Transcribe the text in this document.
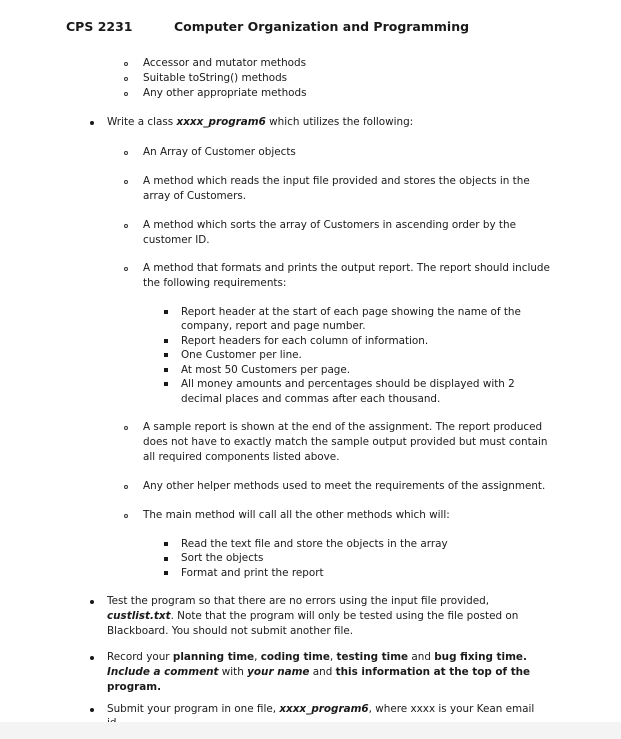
CPS 2231	Computer Organization and Programming
Accessor and mutator methods
Suitable toString() methods
Any other appropriate methods
Write a class xxxx_program6 which utilizes the following:
An Array of Customer objects
A method which reads the input file provided and stores the objects in the
array of Customers.
A method which sorts the array of Customers in ascending order by the
customer ID.
A method that formats and prints the output report. The report should include
the following requirements:
Report header at the start of each page showing the name of the
company, report and page number.
Report headers for each column of information.
One Customer per line.
At most 50 Customers per page.
All money amounts and percentages should be displayed with 2
decimal places and commas after each thousand.
A sample report is shown at the end of the assignment. The report produced
does not have to exactly match the sample output provided but must contain
all required components listed above.
Any other helper methods used to meet the requirements of the assignment.
The main method will call all the other methods which will:
Read the text file and store the objects in the array
Sort the objects
Format and print the report
Test the program so that there are no errors using the input file provided,
custlist.txt. Note that the program will only be tested using the file posted on
Blackboard. You should not submit another file.
Record your planning time, coding time, testing time and bug fixing time.
Include a comment with your name and this information at the top of the
program.
Submit your program in one file, xxxx_program6, where xxxx is your Kean email
